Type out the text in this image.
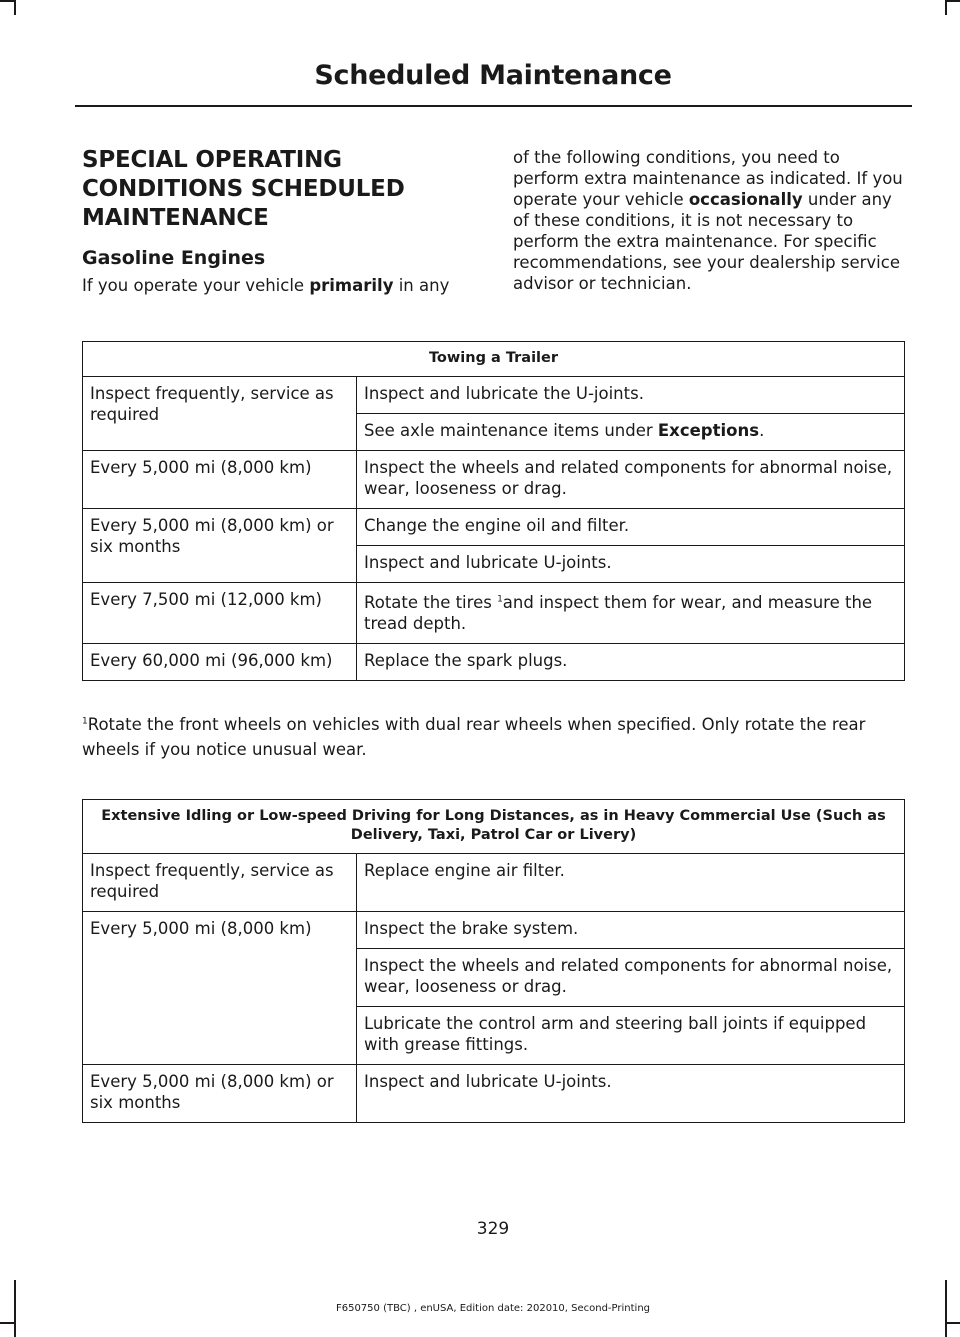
Scheduled Maintenance
SPECIAL OPERATING CONDITIONS SCHEDULED MAINTENANCE
Gasoline Engines

If you operate your vehicle primarily in any

of the following conditions, you need to perform extra maintenance as indicated. If you operate your vehicle occasionally under any of these conditions, it is not necessary to perform the extra maintenance. For specific recommendations, see your dealership service advisor or technician.

Towing a Trailer	
Inspect frequently, service as required	Inspect and lubricate the U-joints.
	See axle maintenance items under Exceptions.
Every 5,000 mi (8,000 km)	Inspect the wheels and related components for abnormal noise, wear, looseness or drag.
Every 5,000 mi (8,000 km) or six months	Change the engine oil and filter.
	Inspect and lubricate U-joints.
Every 7,500 mi (12,000 km)	Rotate the tires $^1$and inspect them for wear, and measure the tread depth.
Every 60,000 mi (96,000 km)	Replace the spark plugs.
$^1$Rotate the front wheels on vehicles with dual rear wheels when specified. Only rotate the rear wheels if you notice unusual wear.
Extensive Idling or Low-speed Driving for Long Distances, as in Heavy Commercial Use (Such as Delivery, Taxi, Patrol Car or Livery)	
Inspect frequently, service as required	Replace engine air filter.
Every 5,000 mi (8,000 km)	Inspect the brake system.
	Inspect the wheels and related components for abnormal noise, wear, looseness or drag.
	Lubricate the control arm and steering ball joints if equipped with grease fittings.
Every 5,000 mi (8,000 km) or six months	Inspect and lubricate U-joints.
329
F650750 (TBC) , enUSA, Edition date: 202010, Second-Printing
